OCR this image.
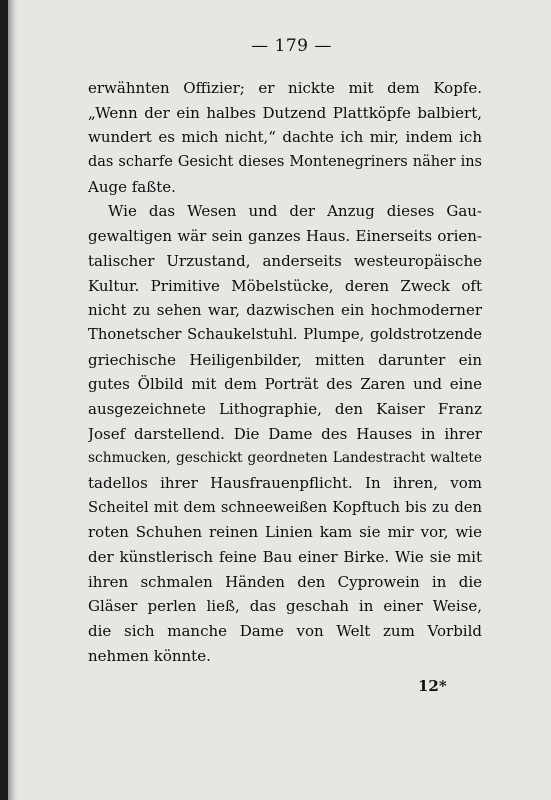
— 179 —
erwähnten Offizier; er nickte mit dem Kopfe.
„Wenn der ein halbes Dutzend Plattköpfe balbiert,
wundert es mich nicht,“ dachte ich mir, indem ich
das scharfe Gesicht dieses Montenegriners näher ins
Auge faßte.
Wie das Wesen und der Anzug dieses Gau-
gewaltigen wär sein ganzes Haus. Einerseits orien-
talischer Urzustand, anderseits westeuropäische
Kultur. Primitive Möbelstücke, deren Zweck oft
nicht zu sehen war, dazwischen ein hochmoderner
Thonetscher Schaukelstuhl. Plumpe, goldstrotzende
griechische Heiligenbilder, mitten darunter ein
gutes Ölbild mit dem Porträt des Zaren und eine
ausgezeichnete Lithographie, den Kaiser Franz
Josef darstellend. Die Dame des Hauses in ihrer
schmucken, geschickt geordneten Landestracht waltete
tadellos ihrer Hausfrauenpflicht. In ihren, vom
Scheitel mit dem schneeweißen Kopftuch bis zu den
roten Schuhen reinen Linien kam sie mir vor, wie
der künstlerisch feine Bau einer Birke. Wie sie mit
ihren schmalen Händen den Cyprowein in die
Gläser perlen ließ, das geschah in einer Weise,
die sich manche Dame von Welt zum Vorbild
nehmen könnte.
12*
